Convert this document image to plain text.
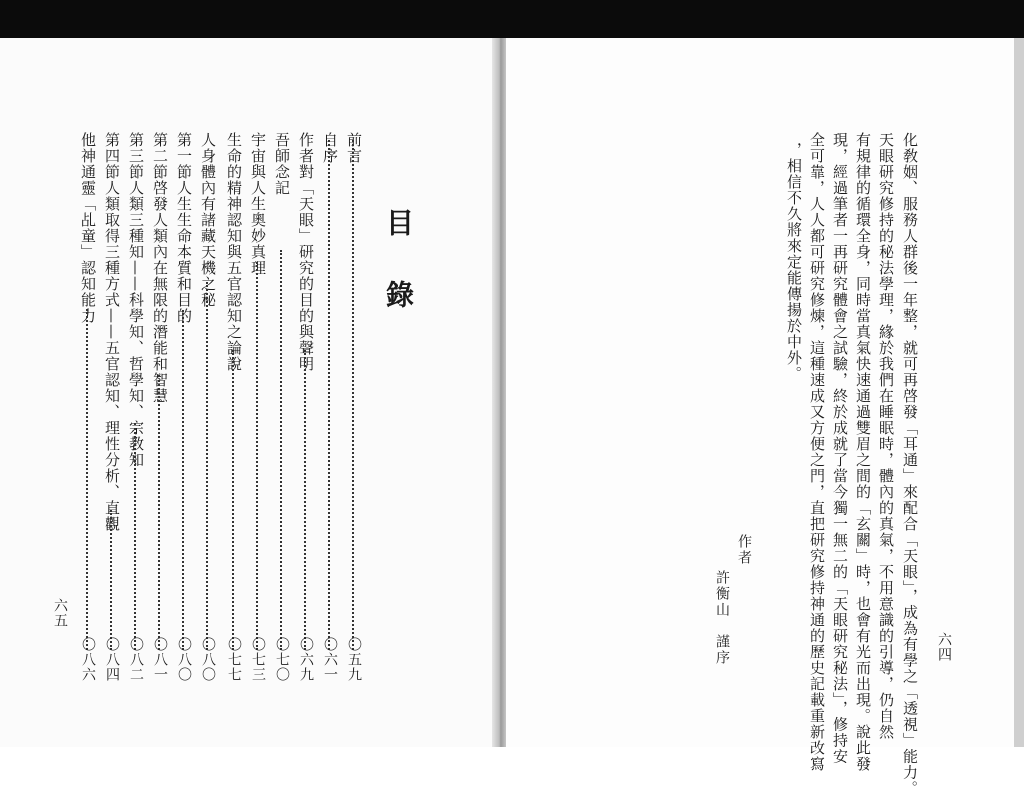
目錄
前言
〇五九
自序
〇六一
作者對「天眼」研究的目的與聲明
〇六九
吾師念記
〇七〇
宇宙與人生奧妙真理
〇七三
生命的精神認知與五官認知之論說
〇七七
人身體內有諸藏天機之秘
〇八〇
第一節人生生命本質和目的
〇八〇
第二節啓發人類內在無限的潛能和智慧
〇八一
第三節人類三種知——科學知、哲學知、宗教知
〇八二
第四節人類取得三種方式——五官認知、理性分析、直觀
〇八四
他神通靈「乩童」認知能力
〇八六
六五	化敎姻、服務人群後一年整，就可再啓發「耳通」來配合「天眼」，成為有學之「透視」能力。
天眼研究修持的秘法學理，緣於我們在睡眠時，體內的真氣，不用意識的引導，仍自然
有規律的循環全身，同時當真氣快速通過雙眉之間的「玄關」時，也會有光而出現。說此發
現，經過筆者一再研究體會之試驗，終於成就了當今獨一無二的「天眼研究秘法」，修持安
全可靠，人人都可研究修煉，這種速成又方便之門，直把研究修持神通的歷史記載重新改寫
，相信不久將來定能傳揚於中外。
作者
許衡山　謹序	六四
